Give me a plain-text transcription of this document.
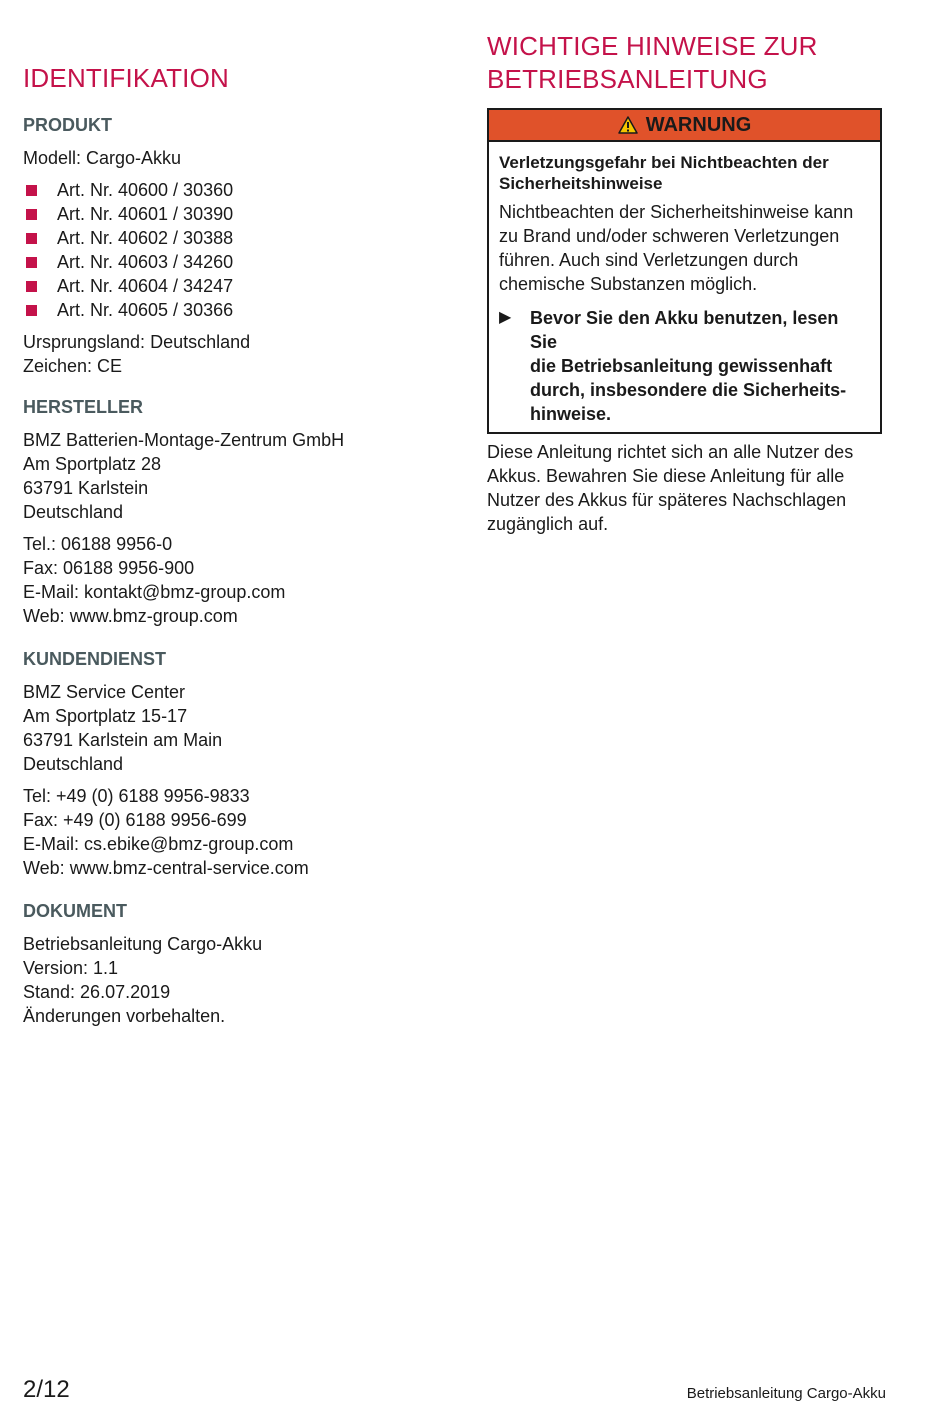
IDENTIFIKATION
PRODUKT

Modell: Cargo-Akku

Art. Nr. 40600 / 30360
Art. Nr. 40601 / 30390
Art. Nr. 40602 / 30388
Art. Nr. 40603 / 34260
Art. Nr. 40604 / 34247
Art. Nr. 40605 / 30366

Ursprungsland: Deutschland
Zeichen: CE

HERSTELLER

BMZ Batterien-Montage-Zentrum GmbH
Am Sportplatz 28
63791 Karlstein
Deutschland

Tel.: 06188 9956-0
Fax: 06188 9956-900
E-Mail: kontakt@bmz-group.com
Web: www.bmz-group.com

KUNDENDIENST

BMZ Service Center
Am Sportplatz 15-17
63791 Karlstein am Main
Deutschland

Tel: +49 (0) 6188 9956-9833
Fax: +49 (0) 6188 9956-699
E-Mail: cs.ebike@bmz-group.com
Web: www.bmz-central-service.com

DOKUMENT

Betriebsanleitung Cargo-Akku
Version: 1.1
Stand: 26.07.2019
Änderungen vorbehalten.

WICHTIGE HINWEISE ZUR
BETRIEBSANLEITUNG
WARNUNG

Verletzungsgefahr bei Nichtbeachten der
Sicherheitshinweise

Nichtbeachten der Sicherheitshinweise kann
zu Brand und/oder schweren Verletzungen
führen. Auch sind Verletzungen durch
chemische Substanzen möglich.

▶	Bevor Sie den Akku benutzen, lesen Sie
die Betriebsanleitung gewissenhaft
durch, insbesondere die Sicherheits-
hinweise.

Diese Anleitung richtet sich an alle Nutzer des
Akkus. Bewahren Sie diese Anleitung für alle
Nutzer des Akkus für späteres Nachschlagen
zugänglich auf.

2/12	Betriebsanleitung Cargo-Akku
